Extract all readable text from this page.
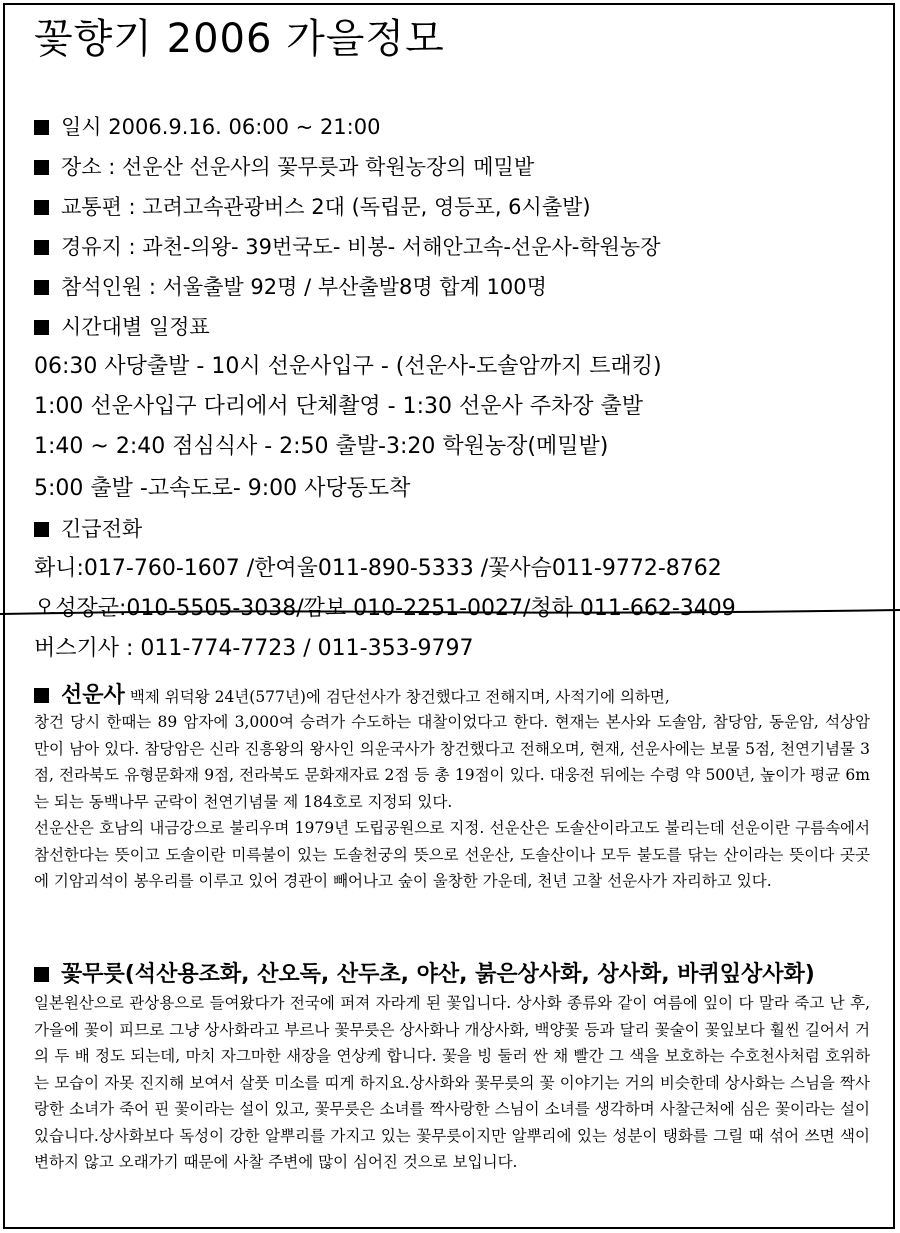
꽃향기 2006 가을정모
일시 2006.9.16. 06:00 ~ 21:00
장소 : 선운산 선운사의 꽃무릇과 학원농장의 메밀밭
교통편 : 고려고속관광버스 2대 (독립문, 영등포, 6시출발)
경유지 : 과천-의왕- 39번국도- 비봉- 서해안고속-선운사-학원농장
참석인원 : 서울출발 92명 / 부산출발8명 합계 100명
시간대별 일정표
06:30 사당출발 - 10시 선운사입구 - (선운사-도솔암까지 트래킹)
1:00 선운사입구 다리에서 단체촬영 - 1:30 선운사 주차장 출발
1:40 ~ 2:40 점심식사 - 2:50 출발-3:20 학원농장(메밀밭)
5:00 출발 -고속도로- 9:00 사당동도착
긴급전화
화니:017-760-1607 /한여울011-890-5333 /꽃사슴011-9772-8762
오성장군:010-5505-3038/깜보 010-2251-0027/청하 011-662-3409
버스기사 : 011-774-7723 / 011-353-9797
선운사 백제 위덕왕 24년(577년)에 검단선사가 창건했다고 전해지며, 사적기에 의하면,

창건 당시 한때는 89 암자에 3,000여 승려가 수도하는 대찰이었다고 한다. 현재는 본사와 도솔암, 참당암, 동운암, 석상암 만이 남아 있다. 참당암은 신라 진흥왕의 왕사인 의운국사가 창건했다고 전해오며, 현재, 선운사에는 보물 5점, 천연기념물 3점, 전라북도 유형문화재 9점, 전라북도 문화재자료 2점 등 총 19점이 있다. 대웅전 뒤에는 수령 약 500년, 높이가 평균 6m는 되는 동백나무 군락이 천연기념물 제 184호로 지정되 있다.

선운산은 호남의 내금강으로 불리우며 1979년 도립공원으로 지정. 선운산은 도솔산이라고도 불리는데 선운이란 구름속에서 참선한다는 뜻이고 도솔이란 미륵불이 있는 도솔천궁의 뜻으로 선운산, 도솔산이나 모두 불도를 닦는 산이라는 뜻이다 곳곳에 기암괴석이 봉우리를 이루고 있어 경관이 빼어나고 숲이 울창한 가운데, 천년 고찰 선운사가 자리하고 있다.

꽃무릇(석산용조화, 산오독, 산두초, 야산, 붉은상사화, 상사화, 바퀴잎상사화)
일본원산으로 관상용으로 들여왔다가 전국에 퍼져 자라게 된 꽃입니다. 상사화 종류와 같이 여름에 잎이 다 말라 죽고 난 후, 가을에 꽃이 피므로 그냥 상사화라고 부르나 꽃무릇은 상사화나 개상사화, 백양꽃 등과 달리 꽃술이 꽃잎보다 훨씬 길어서 거의 두 배 정도 되는데, 마치 자그마한 새장을 연상케 합니다. 꽃을 빙 둘러 싼 채 빨간 그 색을 보호하는 수호천사처럼 호위하는 모습이 자못 진지해 보여서 살풋 미소를 띠게 하지요.상사화와 꽃무릇의 꽃 이야기는 거의 비슷한데 상사화는 스님을 짝사랑한 소녀가 죽어 핀 꽃이라는 설이 있고, 꽃무릇은 소녀를 짝사랑한 스님이 소녀를 생각하며 사찰근처에 심은 꽃이라는 설이 있습니다.상사화보다 독성이 강한 알뿌리를 가지고 있는 꽃무릇이지만 알뿌리에 있는 성분이 탱화를 그릴 때 섞어 쓰면 색이 변하지 않고 오래가기 때문에 사찰 주변에 많이 심어진 것으로 보입니다.
